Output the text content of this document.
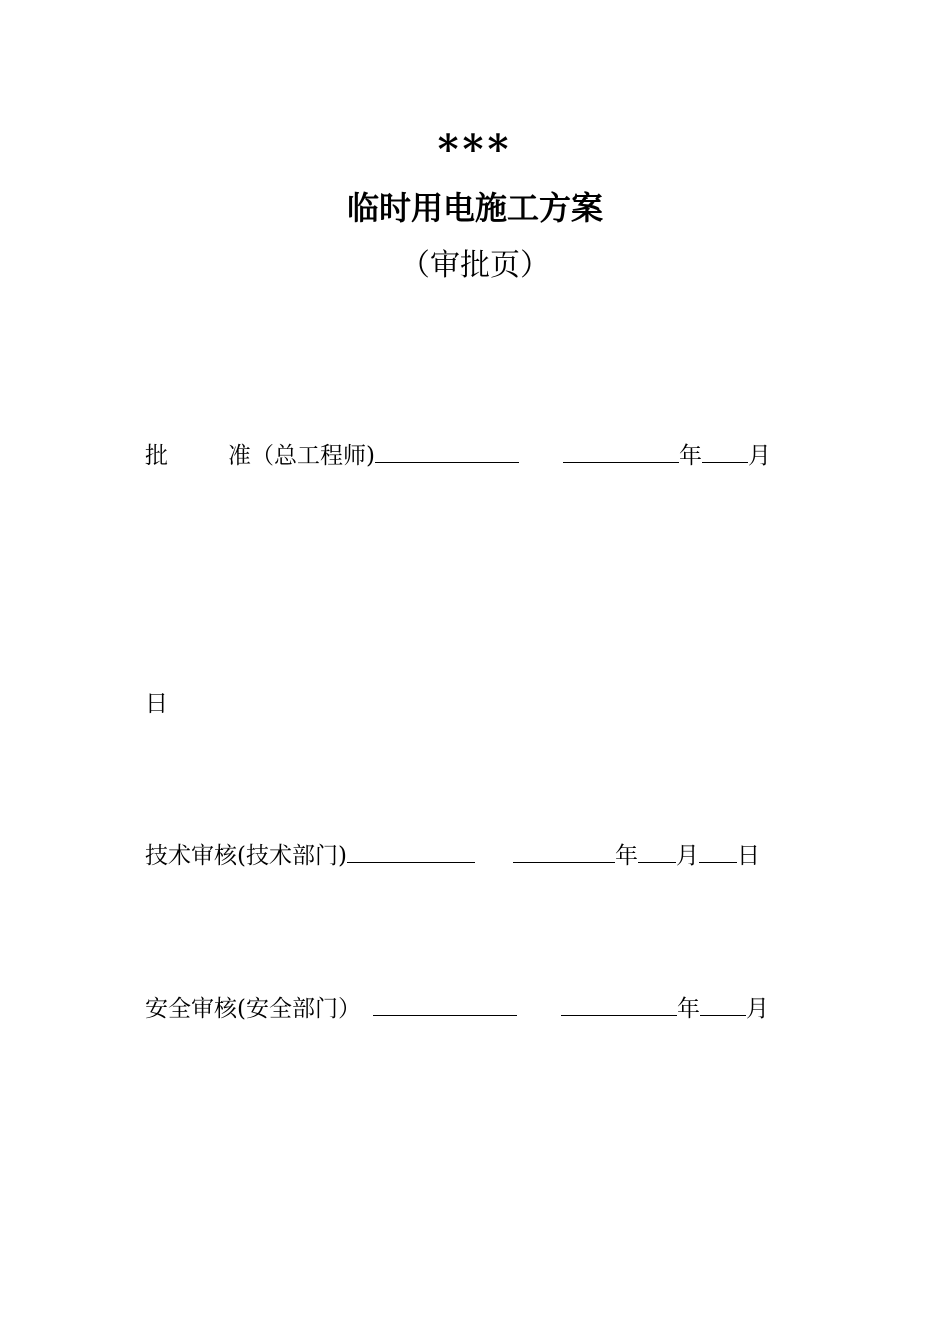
***
临时用电施工方案
（审批页）
批	准（总工程师)	年 月
日
技术审核(技术部门)	年 月 日
安全审核(安全部门）	年 月
